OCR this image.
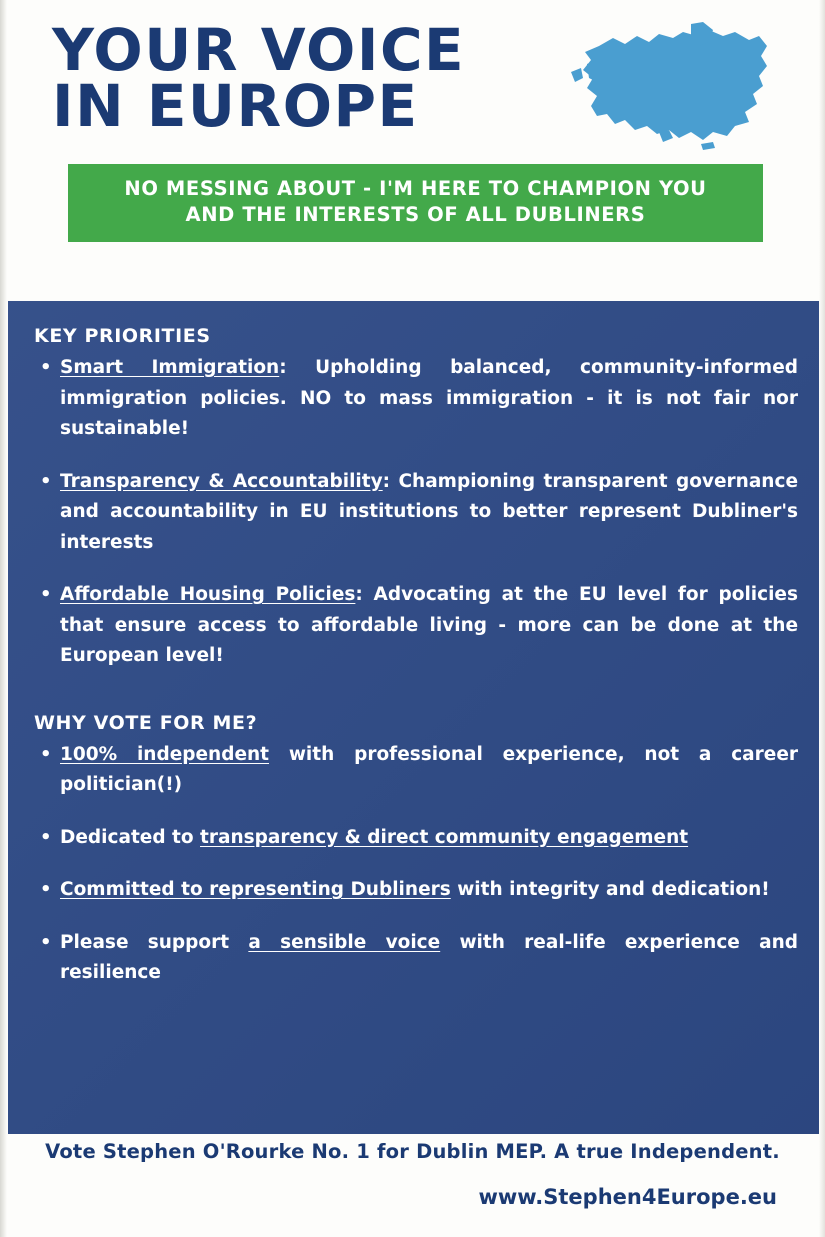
YOUR VOICE
IN EUROPE
NO MESSING ABOUT - I'M HERE TO CHAMPION YOU
AND THE INTERESTS OF ALL DUBLINERS
KEY PRIORITIES
• Smart Immigration: Upholding balanced, community-informed immigration policies. NO to mass immigration - it is not fair nor sustainable!
• Transparency & Accountability: Championing transparent governance and accountability in EU institutions to better represent Dubliner's interests
• Affordable Housing Policies: Advocating at the EU level for policies that ensure access to affordable living - more can be done at the European level!
WHY VOTE FOR ME?
• 100% independent with professional experience, not a career politician(!)
• Dedicated to transparency & direct community engagement
• Committed to representing Dubliners with integrity and dedication!
• Please support a sensible voice with real-life experience and resilience
Vote Stephen O'Rourke No. 1 for Dublin MEP. A true Independent.
www.Stephen4Europe.eu
